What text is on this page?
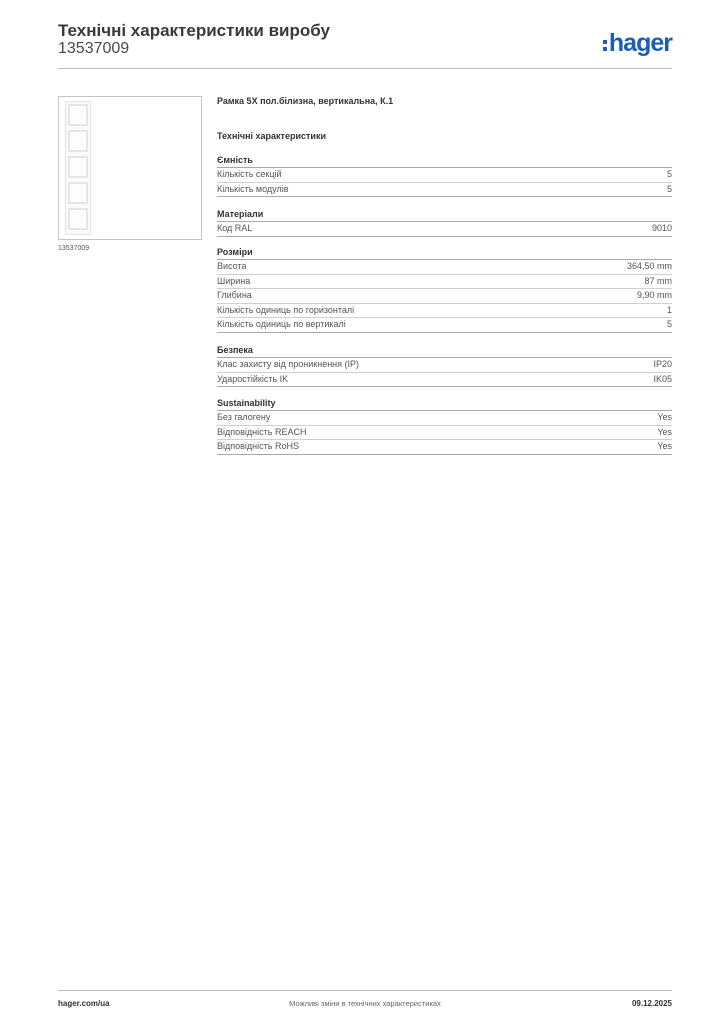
Технічні характеристики виробу
13537009	hager
13537009
Рамка 5X пол.білизна, вертикальна, К.1
Технічні характеристики
Ємність
Кількість секцій	5
Кількість модулів	5
Матеріали
Код RAL	9010
Розміри
Висота	364,50 mm
Ширина	87 mm
Глибина	9,90 mm
Кількість одиниць по горизонталі	1
Кількість одиниць по вертикалі	5
Безпека
Клас захисту від проникнення (IP)	IP20
Ударостійкість IK	IK05
Sustainability
Без галогену	Yes
Відповідність REACH	Yes
Відповідність RoHS	Yes
hager.com/ua	Можливі зміни в технічних характеристиках	09.12.2025
